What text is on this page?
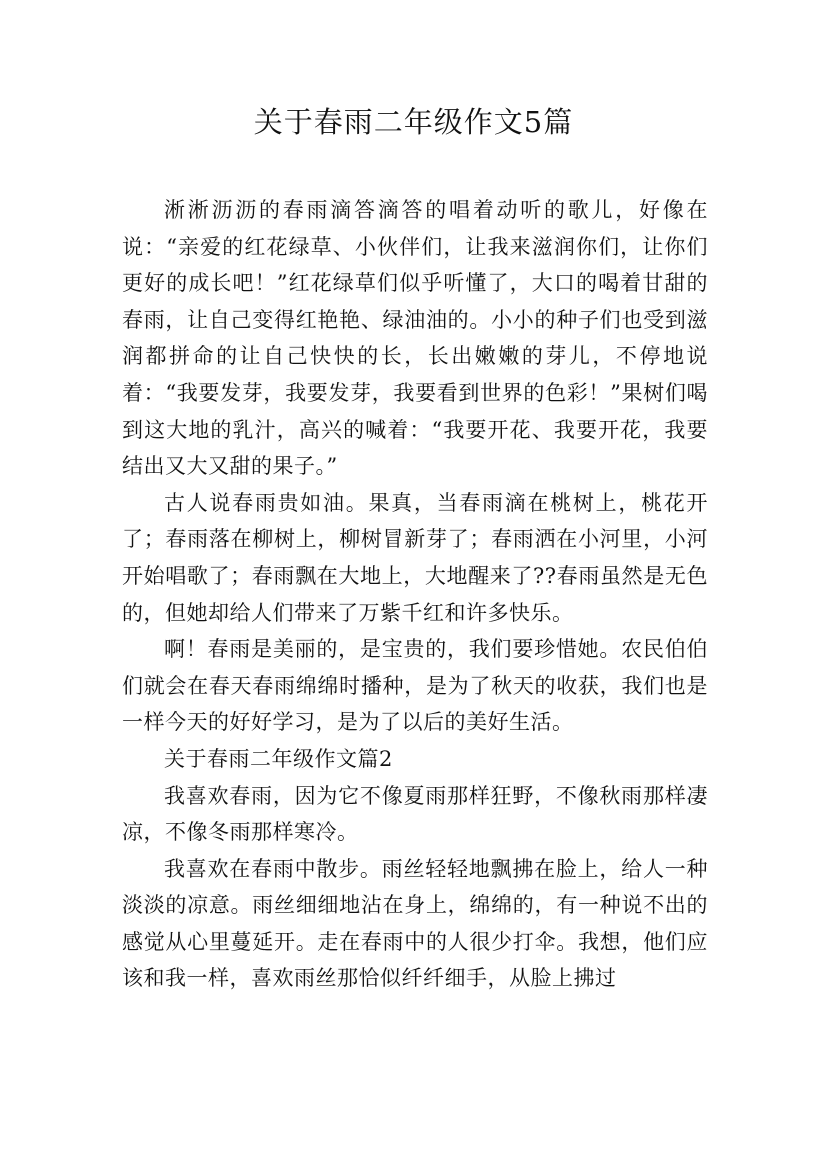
关于春雨二年级作文5篇

淅淅沥沥的春雨滴答滴答的唱着动听的歌儿，好像在说：“亲爱的红花绿草、小伙伴们，让我来滋润你们，让你们更好的成长吧！”红花绿草们似乎听懂了，大口的喝着甘甜的春雨，让自己变得红艳艳、绿油油的。小小的种子们也受到滋润都拼命的让自己快快的长，长出嫩嫩的芽儿，不停地说着：“我要发芽，我要发芽，我要看到世界的色彩！”果树们喝到这大地的乳汁，高兴的喊着：“我要开花、我要开花，我要结出又大又甜的果子。”

古人说春雨贵如油。果真，当春雨滴在桃树上，桃花开了；春雨落在柳树上，柳树冒新芽了；春雨洒在小河里，小河开始唱歌了；春雨飘在大地上，大地醒来了??春雨虽然是无色的，但她却给人们带来了万紫千红和许多快乐。

啊！春雨是美丽的，是宝贵的，我们要珍惜她。农民伯伯们就会在春天春雨绵绵时播种，是为了秋天的收获，我们也是一样今天的好好学习，是为了以后的美好生活。

关于春雨二年级作文篇2

我喜欢春雨，因为它不像夏雨那样狂野，不像秋雨那样凄凉，不像冬雨那样寒冷。

我喜欢在春雨中散步。雨丝轻轻地飘拂在脸上，给人一种淡淡的凉意。雨丝细细地沾在身上，绵绵的，有一种说不出的感觉从心里蔓延开。走在春雨中的人很少打伞。我想，他们应该和我一样，喜欢雨丝那恰似纤纤细手，从脸上拂过
